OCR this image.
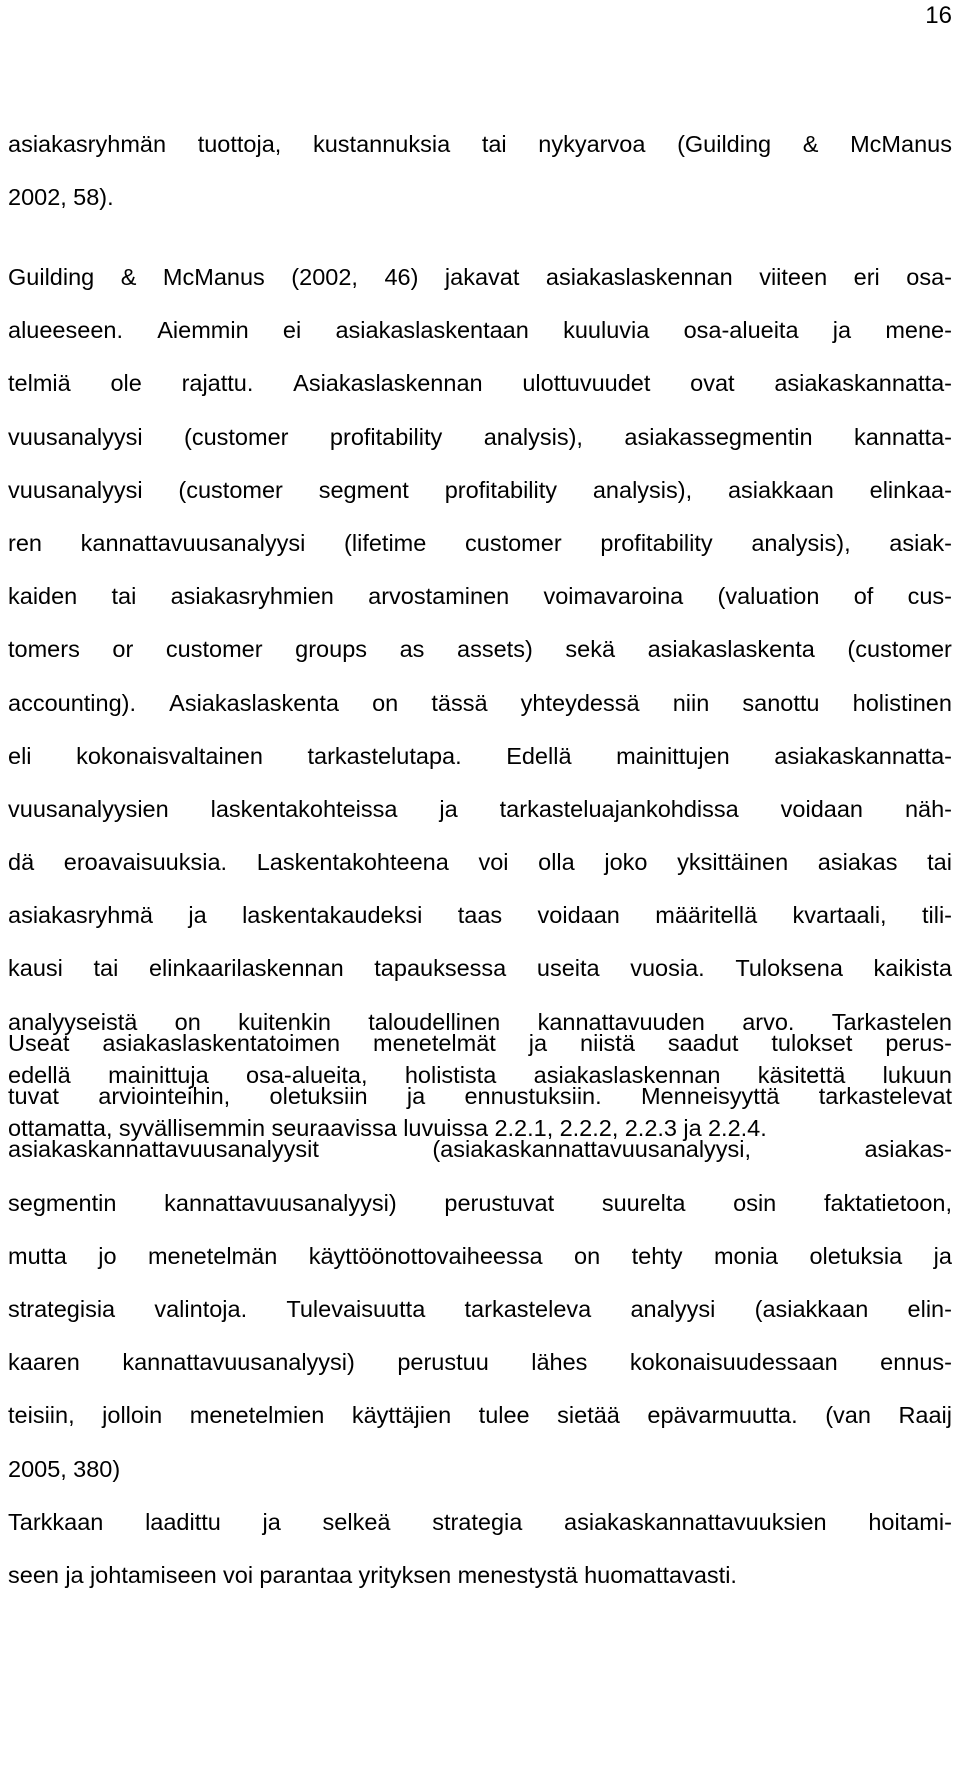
16
asiakasryhmän tuottoja, kustannuksia tai nykyarvoa (Guilding & McManus
2002, 58).
Guilding & McManus (2002, 46) jakavat asiakaslaskennan viiteen eri osa-
alueeseen. Aiemmin ei asiakaslaskentaan kuuluvia osa-alueita ja mene-
telmiä ole rajattu. Asiakaslaskennan ulottuvuudet ovat asiakaskannatta-
vuusanalyysi (customer profitability analysis), asiakassegmentin kannatta-
vuusanalyysi (customer segment profitability analysis), asiakkaan elinkaa-
ren kannattavuusanalyysi (lifetime customer profitability analysis), asiak-
kaiden tai asiakasryhmien arvostaminen voimavaroina (valuation of cus-
tomers or customer groups as assets) sekä asiakaslaskenta (customer
accounting). Asiakaslaskenta on tässä yhteydessä niin sanottu holistinen
eli kokonaisvaltainen tarkastelutapa. Edellä mainittujen asiakaskannatta-
vuusanalyysien laskentakohteissa ja tarkasteluajankohdissa voidaan näh-
dä eroavaisuuksia. Laskentakohteena voi olla joko yksittäinen asiakas tai
asiakasryhmä ja laskentakaudeksi taas voidaan määritellä kvartaali, tili-
kausi tai elinkaarilaskennan tapauksessa useita vuosia. Tuloksena kaikista
analyyseistä on kuitenkin taloudellinen kannattavuuden arvo. Tarkastelen
edellä mainittuja osa-alueita, holistista asiakaslaskennan käsitettä lukuun
ottamatta, syvällisemmin seuraavissa luvuissa 2.2.1, 2.2.2, 2.2.3 ja 2.2.4.
Useat asiakaslaskentatoimen menetelmät ja niistä saadut tulokset perus-
tuvat arviointeihin, oletuksiin ja ennustuksiin. Menneisyyttä tarkastelevat
asiakaskannattavuusanalyysit	(asiakaskannattavuusanalyysi,	asiakas-
segmentin kannattavuusanalyysi) perustuvat suurelta osin faktatietoon,
mutta jo menetelmän käyttöönottovaiheessa on tehty monia oletuksia ja
strategisia valintoja. Tulevaisuutta tarkasteleva analyysi (asiakkaan elin-
kaaren kannattavuusanalyysi) perustuu lähes kokonaisuudessaan ennus-
teisiin, jolloin menetelmien käyttäjien tulee sietää epävarmuutta. (van Raaij
2005, 380)
Tarkkaan laadittu ja selkeä strategia asiakaskannattavuuksien hoitami-
seen ja johtamiseen voi parantaa yrityksen menestystä huomattavasti.
